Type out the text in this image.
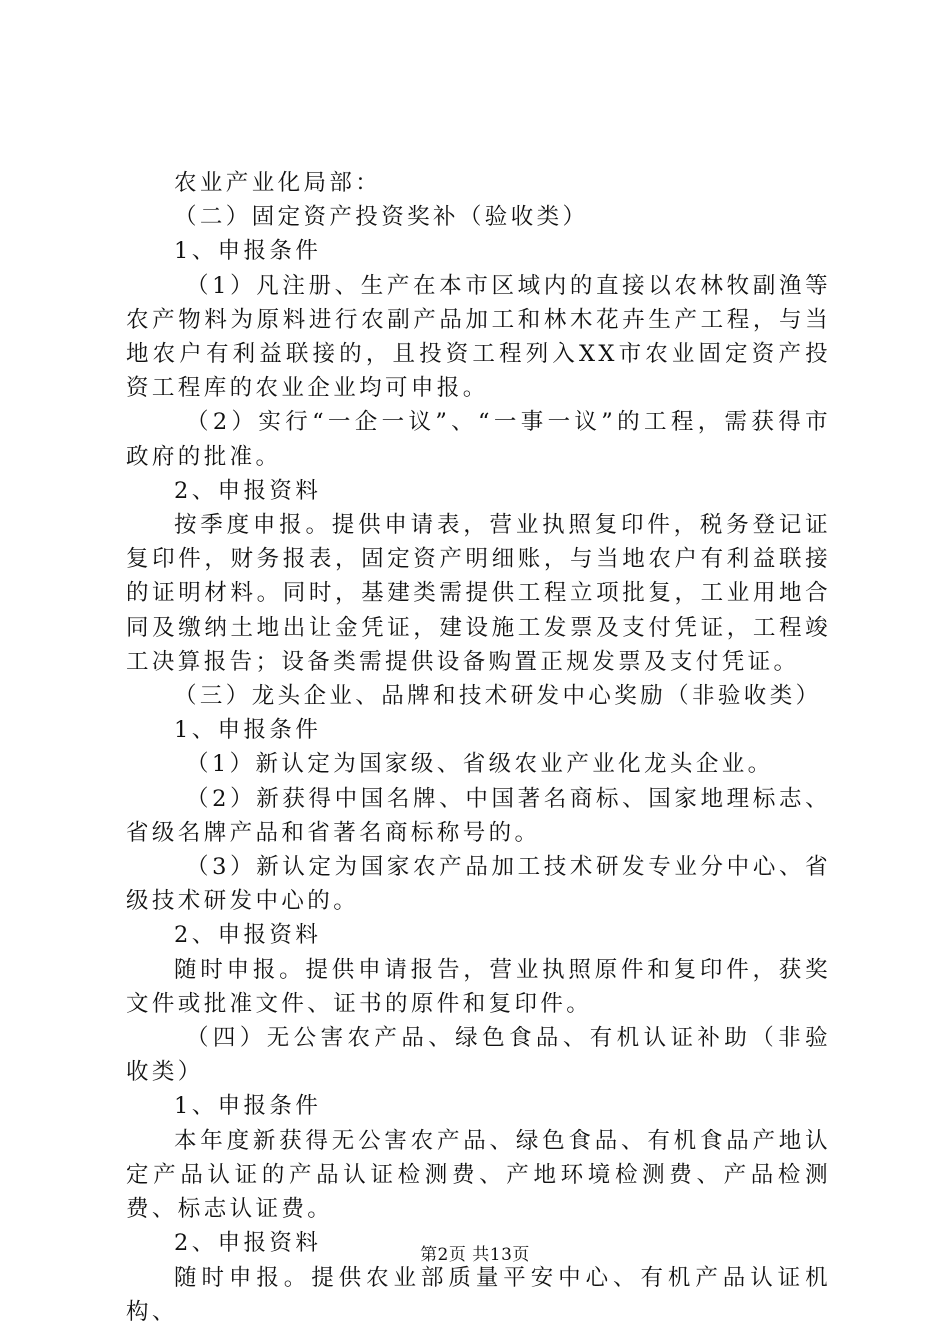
农业产业化局部：

（二）固定资产投资奖补（验收类）

1、申报条件

（1）凡注册、生产在本市区域内的直接以农林牧副渔等农产物料为原料进行农副产品加工和林木花卉生产工程，与当地农户有利益联接的，且投资工程列入XX市农业固定资产投资工程库的农业企业均可申报。

（2）实行“一企一议”、“一事一议”的工程，需获得市政府的批准。

2、申报资料

按季度申报。提供申请表，营业执照复印件，税务登记证复印件，财务报表，固定资产明细账，与当地农户有利益联接的证明材料。同时，基建类需提供工程立项批复，工业用地合同及缴纳土地出让金凭证，建设施工发票及支付凭证，工程竣工决算报告；设备类需提供设备购置正规发票及支付凭证。

（三）龙头企业、品牌和技术研发中心奖励（非验收类）

1、申报条件

（1）新认定为国家级、省级农业产业化龙头企业。

（2）新获得中国名牌、中国著名商标、国家地理标志、省级名牌产品和省著名商标称号的。

（3）新认定为国家农产品加工技术研发专业分中心、省级技术研发中心的。

2、申报资料

随时申报。提供申请报告，营业执照原件和复印件，获奖文件或批准文件、证书的原件和复印件。

（四）无公害农产品、绿色食品、有机认证补助（非验收类）

1、申报条件

本年度新获得无公害农产品、绿色食品、有机食品产地认定产品认证的产品认证检测费、产地环境检测费、产品检测费、标志认证费。

2、申报资料

随时申报。提供农业部质量平安中心、有机产品认证机构、

第2页 共13页
